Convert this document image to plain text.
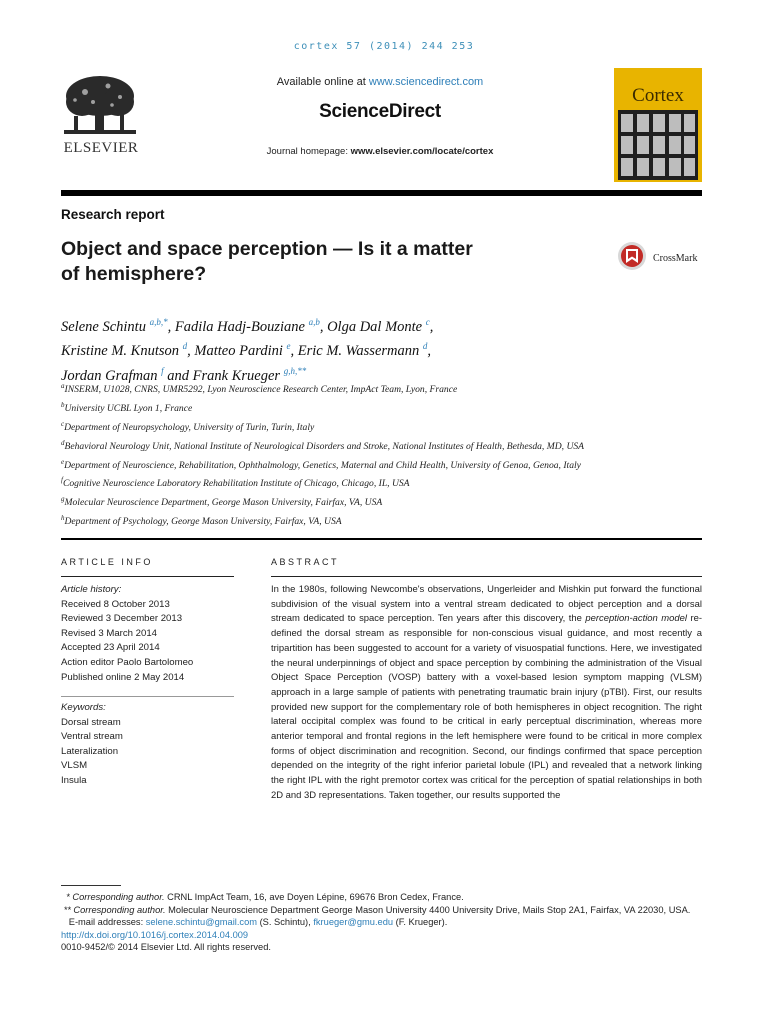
cortex 57 (2014) 244 253
ELSEVIER
Available online at www.sciencedirect.com
ScienceDirect
Journal homepage: www.elsevier.com/locate/cortex
Cortex
Research report
Object and space perception — Is it a matter
of hemisphere?
CrossMark
Selene Schintu $^{a,b,*}$, Fadila Hadj-Bouziane $^{a,b}$, Olga Dal Monte $^c$,
Kristine M. Knutson $^d$, Matteo Pardini $^e$, Eric M. Wassermann $^d$,
Jordan Grafman $^f$ and Frank Krueger $^{g,h,**}$
$^a$INSERM, U1028, CNRS, UMR5292, Lyon Neuroscience Research Center, ImpAct Team, Lyon, France
$^b$University UCBL Lyon 1, France
$^c$Department of Neuropsychology, University of Turin, Turin, Italy
$^d$Behavioral Neurology Unit, National Institute of Neurological Disorders and Stroke, National Institutes of Health, Bethesda, MD, USA
$^e$Department of Neuroscience, Rehabilitation, Ophthalmology, Genetics, Maternal and Child Health, University of Genoa, Genoa, Italy
$^f$Cognitive Neuroscience Laboratory Rehabilitation Institute of Chicago, Chicago, IL, USA
$^g$Molecular Neuroscience Department, George Mason University, Fairfax, VA, USA
$^h$Department of Psychology, George Mason University, Fairfax, VA, USA
ARTICLE INFO
Article history:
Received 8 October 2013
Reviewed 3 December 2013
Revised 3 March 2014
Accepted 23 April 2014
Action editor Paolo Bartolomeo
Published online 2 May 2014
Keywords:
Dorsal stream
Ventral stream
Lateralization
VLSM
Insula
ABSTRACT
In the 1980s, following Newcombe's observations, Ungerleider and Mishkin put forward the functional subdivision of the visual system into a ventral stream dedicated to object perception and a dorsal stream dedicated to space perception. Ten years after this discovery, the perception-action model re-defined the dorsal stream as responsible for non-conscious visual guidance, and most recently a tripartition has been suggested to account for a variety of visuospatial functions. Here, we investigated the neural underpinnings of object and space perception by combining the administration of the Visual Object Space Perception (VOSP) battery with a voxel-based lesion symptom mapping (VLSM) approach in a large sample of patients with penetrating traumatic brain injury (pTBI). First, our results provided new support for the complementary role of both hemispheres in object recognition. The right lateral occipital complex was found to be critical in early perceptual discrimination, whereas more anterior temporal and frontal regions in the left hemisphere were found to be critical in more complex forms of object discrimination and recognition. Second, our findings confirmed that space perception depended on the integrity of the right inferior parietal lobule (IPL) and revealed that a network linking the right IPL with the right premotor cortex was critical for the perception of spatial relationships in both 2D and 3D representations. Taken together, our results supported the
* Corresponding author. CRNL ImpAct Team, 16, ave Doyen Lépine, 69676 Bron Cedex, France.
** Corresponding author. Molecular Neuroscience Department George Mason University 4400 University Drive, Mails Stop 2A1, Fairfax, VA 22030, USA.
E-mail addresses: selene.schintu@gmail.com (S. Schintu), fkrueger@gmu.edu (F. Krueger).
http://dx.doi.org/10.1016/j.cortex.2014.04.009
0010-9452/© 2014 Elsevier Ltd. All rights reserved.
